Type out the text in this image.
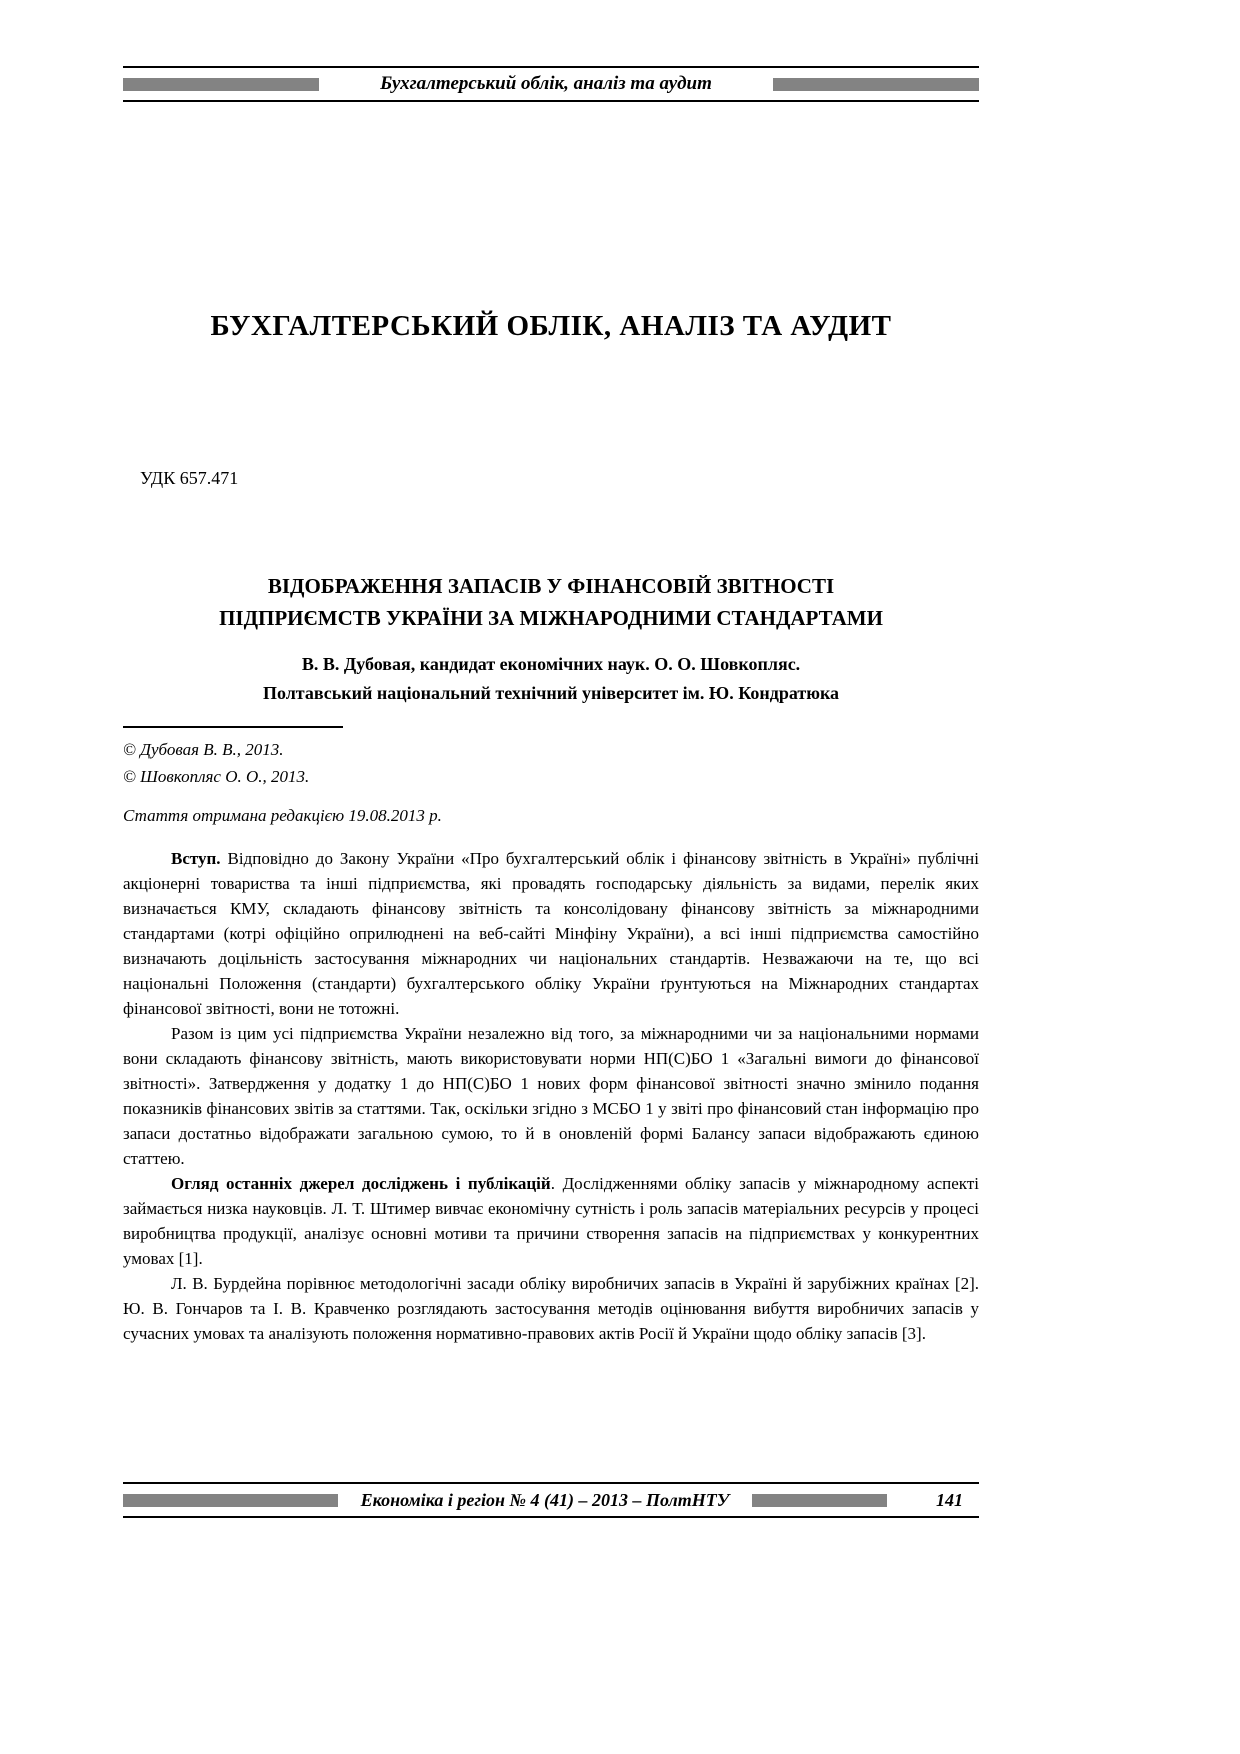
Бухгалтерський облік, аналіз та аудит
БУХГАЛТЕРСЬКИЙ ОБЛІК, АНАЛІЗ ТА АУДИТ
УДК 657.471
ВІДОБРАЖЕННЯ ЗАПАСІВ У ФІНАНСОВІЙ ЗВІТНОСТІ
ПІДПРИЄМСТВ УКРАЇНИ ЗА МІЖНАРОДНИМИ СТАНДАРТАМИ
В. В. Дубовая, кандидат економічних наук. О. О. Шовкопляс.
Полтавський національний технічний університет ім. Ю. Кондратюка
© Дубовая В. В., 2013.
© Шовкопляс О. О., 2013.
Стаття отримана редакцією 19.08.2013 р.

Вступ. Відповідно до Закону України «Про бухгалтерський облік і фінансову звітність в Україні» публічні акціонерні товариства та інші підприємства, які провадять господарську діяльність за видами, перелік яких визначається КМУ, складають фінансову звітність та консолідовану фінансову звітність за міжнародними стандартами (котрі офіційно оприлюднені на веб-сайті Мінфіну України), а всі інші підприємства самостійно визначають доцільність застосування міжнародних чи національних стандартів. Незважаючи на те, що всі національні Положення (стандарти) бухгалтерського обліку України ґрунтуються на Міжнародних стандартах фінансової звітності, вони не тотожні.

Разом із цим усі підприємства України незалежно від того, за міжнародними чи за національними нормами вони складають фінансову звітність, мають використовувати норми НП(С)БО 1 «Загальні вимоги до фінансової звітності». Затвердження у додатку 1 до НП(С)БО 1 нових форм фінансової звітності значно змінило подання показників фінансових звітів за статтями. Так, оскільки згідно з МСБО 1 у звіті про фінансовий стан інформацію про запаси достатньо відображати загальною сумою, то й в оновленій формі Балансу запаси відображають єдиною статтею.

Огляд останніх джерел досліджень і публікацій. Дослідженнями обліку запасів у міжнародному аспекті займається низка науковців. Л. Т. Штимер вивчає економічну сутність і роль запасів матеріальних ресурсів у процесі виробництва продукції, аналізує основні мотиви та причини створення запасів на підприємствах у конкурентних умовах [1].

Л. В. Бурдейна порівнює методологічні засади обліку виробничих запасів в Україні й зарубіжних країнах [2]. Ю. В. Гончаров та І. В. Кравченко розглядають застосування методів оцінювання вибуття виробничих запасів у сучасних умовах та аналізують положення нормативно-правових актів Росії й України щодо обліку запасів [3].

Економіка і регіон № 4 (41) – 2013 – ПолтНТУ	141
